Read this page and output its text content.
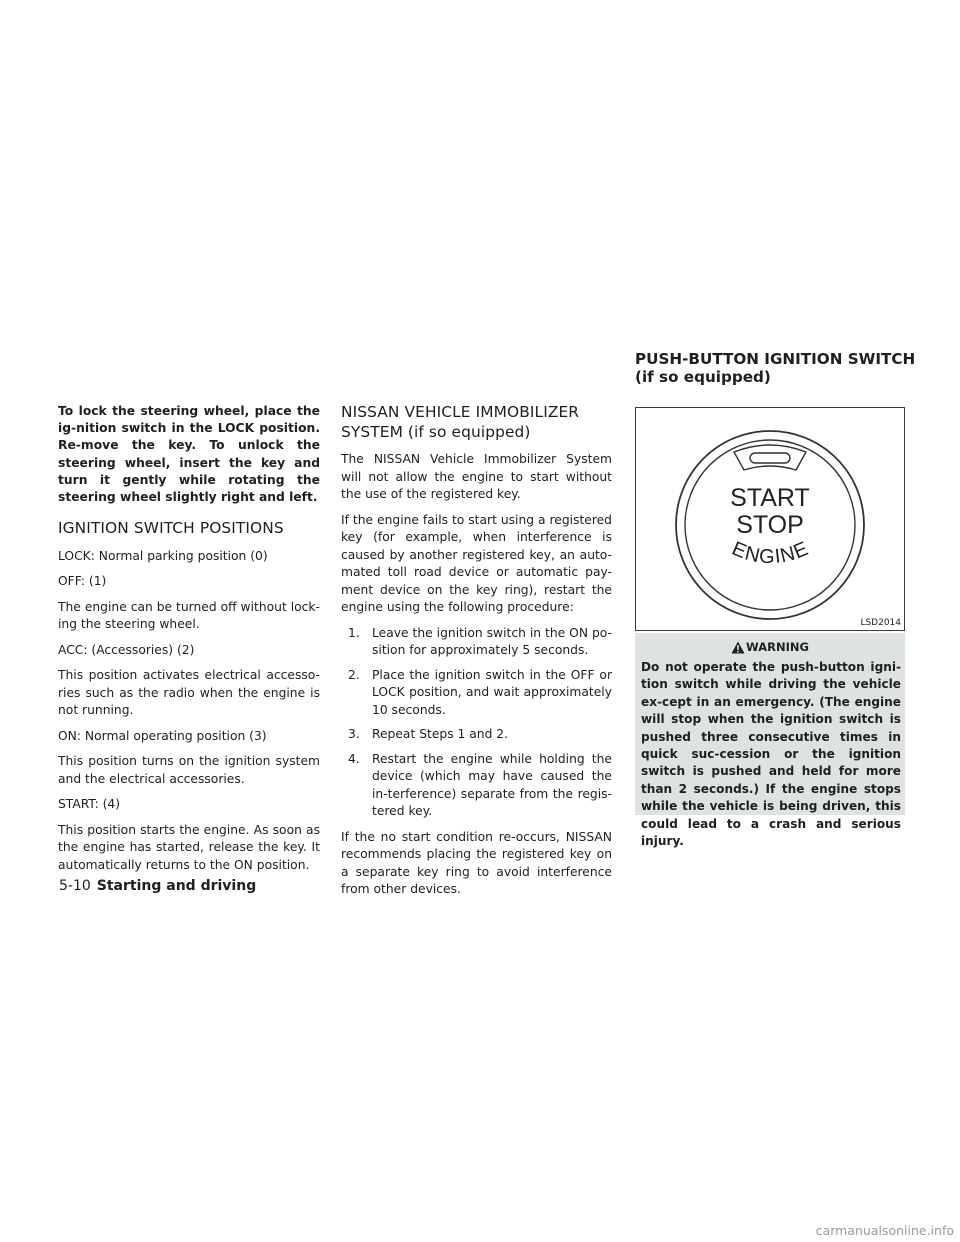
To lock the steering wheel, place the ig-nition switch in the LOCK position. Re-move the key. To unlock the steering wheel, insert the key and turn it gently while rotating the steering wheel slightly right and left.

IGNITION SWITCH POSITIONS

LOCK: Normal parking position (0)

OFF: (1)

The engine can be turned off without lock-ing the steering wheel.

ACC: (Accessories) (2)

This position activates electrical accesso-ries such as the radio when the engine is not running.

ON: Normal operating position (3)

This position turns on the ignition system and the electrical accessories.

START: (4)

This position starts the engine. As soon as the engine has started, release the key. It automatically returns to the ON position.

NISSAN VEHICLE IMMOBILIZER
SYSTEM (if so equipped)

The NISSAN Vehicle Immobilizer System will not allow the engine to start without the use of the registered key.

If the engine fails to start using a registered key (for example, when interference is caused by another registered key, an auto-mated toll road device or automatic pay-ment device on the key ring), restart the engine using the following procedure:

1. Leave the ignition switch in the ON po-sition for approximately 5 seconds.
2. Place the ignition switch in the OFF or LOCK position, and wait approximately 10 seconds.
3. Repeat Steps 1 and 2.
4. Restart the engine while holding the device (which may have caused the in-terference) separate from the regis-tered key.

If the no start condition re-occurs, NISSAN recommends placing the registered key on a separate key ring to avoid interference from other devices.

PUSH-BUTTON IGNITION SWITCH (if so equipped)
START
STOP
ENGINE
LSD2014
WARNING

Do not operate the push-button igni-tion switch while driving the vehicle ex-cept in an emergency. (The engine will stop when the ignition switch is pushed three consecutive times in quick suc-cession or the ignition switch is pushed and held for more than 2 seconds.) If the engine stops while the vehicle is being driven, this could lead to a crash and serious injury.

5-10 Starting and driving
carmanualsonline.info
